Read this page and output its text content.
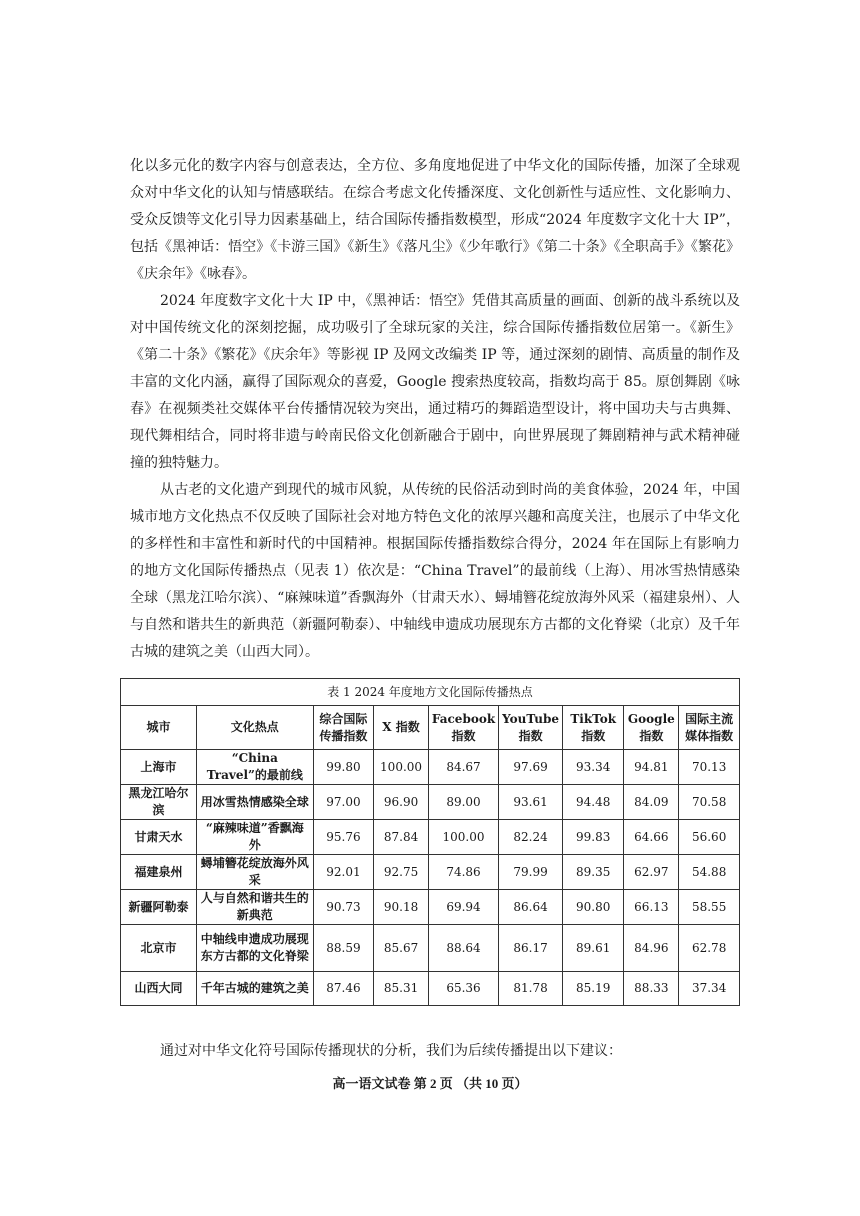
化以多元化的数字内容与创意表达，全方位、多角度地促进了中华文化的国际传播，加深了全球观众对中华文化的认知与情感联结。在综合考虑文化传播深度、文化创新性与适应性、文化影响力、受众反馈等文化引导力因素基础上，结合国际传播指数模型，形成“2024 年度数字文化十大 IP”，包括《黑神话：悟空》《卡游三国》《新生》《落凡尘》《少年歌行》《第二十条》《全职高手》《繁花》《庆余年》《咏春》。

2024 年度数字文化十大 IP 中，《黑神话：悟空》凭借其高质量的画面、创新的战斗系统以及对中国传统文化的深刻挖掘，成功吸引了全球玩家的关注，综合国际传播指数位居第一。《新生》《第二十条》《繁花》《庆余年》等影视 IP 及网文改编类 IP 等，通过深刻的剧情、高质量的制作及丰富的文化内涵，赢得了国际观众的喜爱，Google 搜索热度较高，指数均高于 85。原创舞剧《咏春》在视频类社交媒体平台传播情况较为突出，通过精巧的舞蹈造型设计，将中国功夫与古典舞、现代舞相结合，同时将非遗与岭南民俗文化创新融合于剧中，向世界展现了舞剧精神与武术精神碰撞的独特魅力。

从古老的文化遗产到现代的城市风貌，从传统的民俗活动到时尚的美食体验，2024 年，中国城市地方文化热点不仅反映了国际社会对地方特色文化的浓厚兴趣和高度关注，也展示了中华文化的多样性和丰富性和新时代的中国精神。根据国际传播指数综合得分，2024 年在国际上有影响力的地方文化国际传播热点（见表 1）依次是：“China Travel”的最前线（上海）、用冰雪热情感染全球（黑龙江哈尔滨）、“麻辣味道”香飘海外（甘肃天水）、蟳埔簪花绽放海外风采（福建泉州）、人与自然和谐共生的新典范（新疆阿勒泰）、中轴线申遗成功展现东方古都的文化脊梁（北京）及千年古城的建筑之美（山西大同）。

表 1 2024 年度地方文化国际传播热点
城市	文化热点	综合国际传播指数	X 指数	Facebook 指数	YouTube 指数	TikTok 指数	Google 指数	国际主流媒体指数
上海市	“China Travel”的最前线	99.80	100.00	84.67	97.69	93.34	94.81	70.13
黑龙江哈尔滨	用冰雪热情感染全球	97.00	96.90	89.00	93.61	94.48	84.09	70.58
甘肃天水	“麻辣味道”香飘海外	95.76	87.84	100.00	82.24	99.83	64.66	56.60
福建泉州	蟳埔簪花绽放海外风采	92.01	92.75	74.86	79.99	89.35	62.97	54.88
新疆阿勒泰	人与自然和谐共生的新典范	90.73	90.18	69.94	86.64	90.80	66.13	58.55
北京市	中轴线申遗成功展现东方古都的文化脊梁	88.59	85.67	88.64	86.17	89.61	84.96	62.78
山西大同	千年古城的建筑之美	87.46	85.31	65.36	81.78	85.19	88.33	37.34

通过对中华文化符号国际传播现状的分析，我们为后续传播提出以下建议：

高一语文试卷 第 2 页 （共 10 页）
